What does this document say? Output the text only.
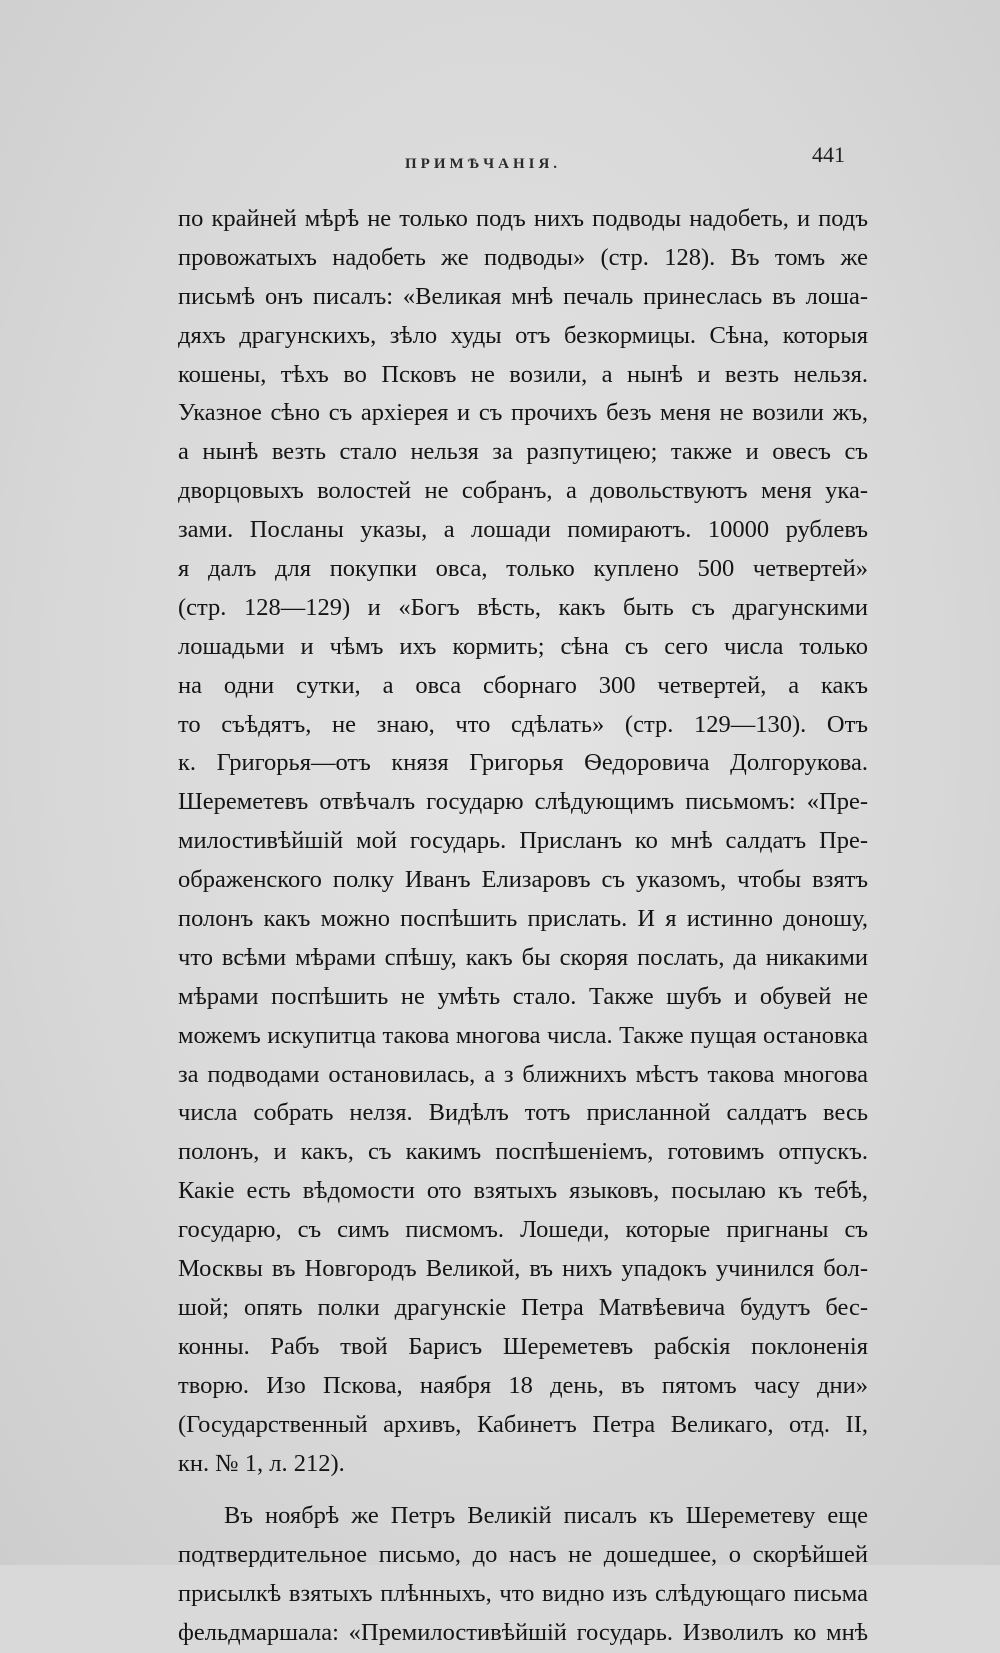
ПРИМѢЧАНІЯ.	441
по крайней мѣрѣ не только подъ нихъ подводы надобеть, и подъ
провожатыхъ надобеть же подводы» (стр. 128). Въ томъ же
письмѣ онъ писалъ: «Великая мнѣ печаль принеслась въ лоша-
дяхъ драгунскихъ, зѣло худы отъ безкормицы. Сѣна, которыя
кошены, тѣхъ во Псковъ не возили, а нынѣ и везть нельзя.
Указное сѣно съ архіерея и съ прочихъ безъ меня не возили жъ,
а нынѣ везть стало нельзя за разпутицею; также и овесъ съ
дворцовыхъ волостей не собранъ, а довольствуютъ меня ука-
зами. Посланы указы, а лошади помираютъ. 10000 рублевъ
я далъ для покупки овса, только куплено 500 четвертей»
(стр. 128—129) и «Богъ вѣсть, какъ быть съ драгунскими
лошадьми и чѣмъ ихъ кормить; сѣна съ сего числа только
на одни сутки, а овса сборнаго 300 четвертей, а какъ
то съѣдятъ, не знаю, что сдѣлать» (стр. 129—130). Отъ
к. Григорья—отъ князя Григорья Ѳедоровича Долгорукова.
Шереметевъ отвѣчалъ государю слѣдующимъ письмомъ: «Пре-
милостивѣйшій мой государь. Присланъ ко мнѣ салдатъ Пре-
ображенского полку Иванъ Елизаровъ съ указомъ, чтобы взятъ
полонъ какъ можно поспѣшить прислать. И я истинно доношу,
что всѣми мѣрами спѣшу, какъ бы скоряя послать, да никакими
мѣрами поспѣшить не умѣть стало. Также шубъ и обувей не
можемъ искупитца такова многова числа. Также пущая остановка
за подводами остановилась, а з ближнихъ мѣстъ такова многова
числа собрать нелзя. Видѣлъ тотъ присланной салдатъ весь
полонъ, и какъ, съ какимъ поспѣшеніемъ, готовимъ отпускъ.
Какіе есть вѣдомости ото взятыхъ языковъ, посылаю къ тебѣ,
государю, съ симъ писмомъ. Лошеди, которые пригнаны съ
Москвы въ Новгородъ Великой, въ нихъ упадокъ учинился бол-
шой; опять полки драгунскіе Петра Матвѣевича будутъ бес-
конны. Рабъ твой Барисъ Шереметевъ рабскія поклоненія
творю. Изо Пскова, наября 18 день, въ пятомъ часу дни»
(Государственный архивъ, Кабинетъ Петра Великаго, отд. II,
кн. № 1, л. 212).
Въ ноябрѣ же Петръ Великій писалъ къ Шереметеву еще
подтвердительное письмо, до насъ не дошедшее, о скорѣйшей
присылкѣ взятыхъ плѣнныхъ, что видно изъ слѣдующаго письма
фельдмаршала: «Премилостивѣйшій государь. Изволилъ ко мнѣ
